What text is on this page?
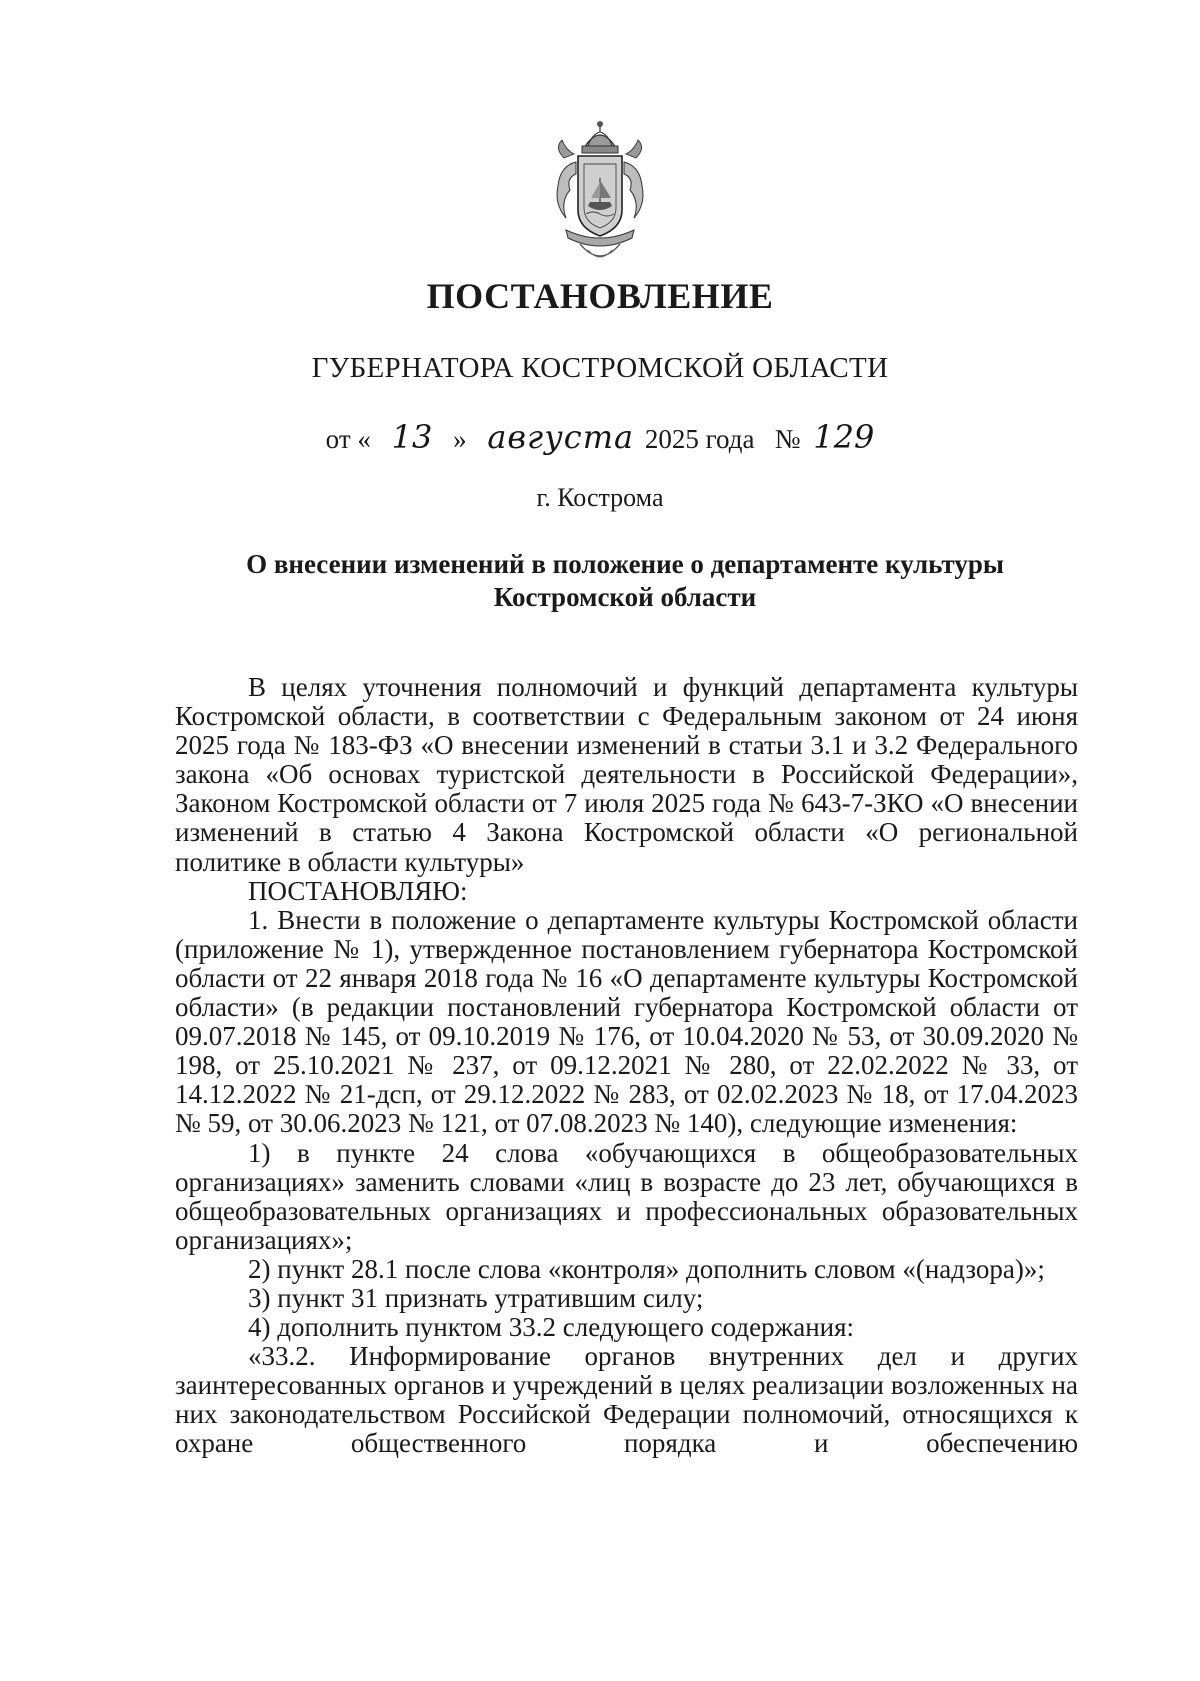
ПОСТАНОВЛЕНИЕ
ГУБЕРНАТОРА КОСТРОМСКОЙ ОБЛАСТИ
от « 13 » августа 2025 года № 129
г. Кострома
О внесении изменений в положение о департаменте культуры
Костромской области

В целях уточнения полномочий и функций департамента культуры Костромской области, в соответствии с Федеральным законом от 24 июня 2025 года № 183-ФЗ «О внесении изменений в статьи 3.1 и 3.2 Федерального закона «Об основах туристской деятельности в Российской Федерации», Законом Костромской области от 7 июля 2025 года № 643-7-ЗКО «О внесении изменений в статью 4 Закона Костромской области «О региональной политике в области культуры»

ПОСТАНОВЛЯЮ:

1. Внести в положение о департаменте культуры Костромской области (приложение № 1), утвержденное постановлением губернатора Костромской области от 22 января 2018 года № 16 «О департаменте культуры Костромской области» (в редакции постановлений губернатора Костромской области от 09.07.2018 № 145, от 09.10.2019 № 176, от 10.04.2020 № 53, от 30.09.2020 № 198, от 25.10.2021 № 237, от 09.12.2021 № 280, от 22.02.2022 № 33, от 14.12.2022 № 21-дсп, от 29.12.2022 № 283, от 02.02.2023 № 18, от 17.04.2023 № 59, от 30.06.2023 № 121, от 07.08.2023 № 140), следующие изменения:

1) в пункте 24 слова «обучающихся в общеобразовательных организациях» заменить словами «лиц в возрасте до 23 лет, обучающихся в общеобразовательных организациях и профессиональных образовательных организациях»;

2) пункт 28.1 после слова «контроля» дополнить словом «(надзора)»;

3) пункт 31 признать утратившим силу;

4) дополнить пунктом 33.2 следующего содержания:

«33.2. Информирование органов внутренних дел и других заинтересованных органов и учреждений в целях реализации возложенных на них законодательством Российской Федерации полномочий, относящихся к охране общественного порядка и обеспечению
